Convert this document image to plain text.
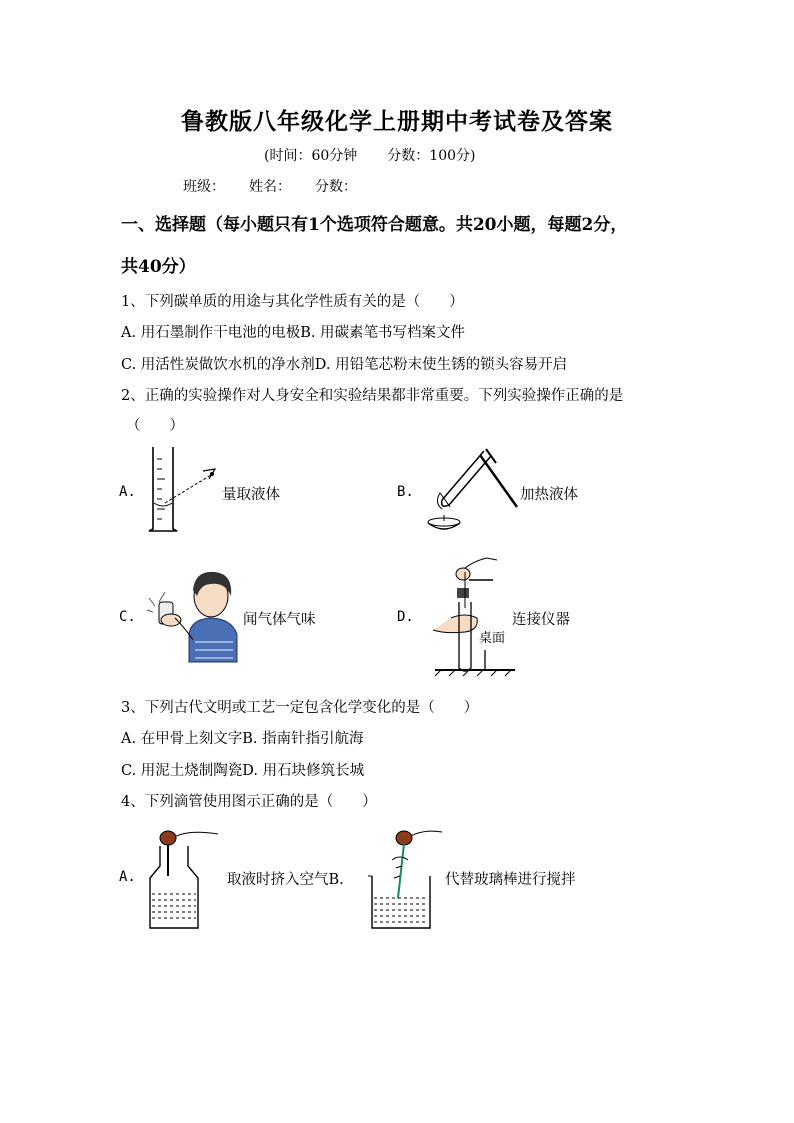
鲁教版八年级化学上册期中考试卷及答案
(时间：60分钟 分数：100分)
班级： 姓名： 分数：
一、选择题（每小题只有1个选项符合题意。共20小题，每题2分，
共40分）
1、下列碳单质的用途与其化学性质有关的是（　　）
A. 用石墨制作干电池的电极B. 用碳素笔书写档案文件
C. 用活性炭做饮水机的净水剂D. 用铅笔芯粉末使生锈的锁头容易开启
2、正确的实验操作对人身安全和实验结果都非常重要。下列实验操作正确的是
（　　）
A.	量取液体	B.	加热液体
C.	闻气体气味	D.
桌面
连接仪器
3、下列古代文明或工艺一定包含化学变化的是（　　）
A. 在甲骨上刻文字B. 指南针指引航海
C. 用泥土烧制陶瓷D. 用石块修筑长城
4、下列滴管使用图示正确的是（　　）
A.	取液时挤入空气B.	代替玻璃棒进行搅拌
